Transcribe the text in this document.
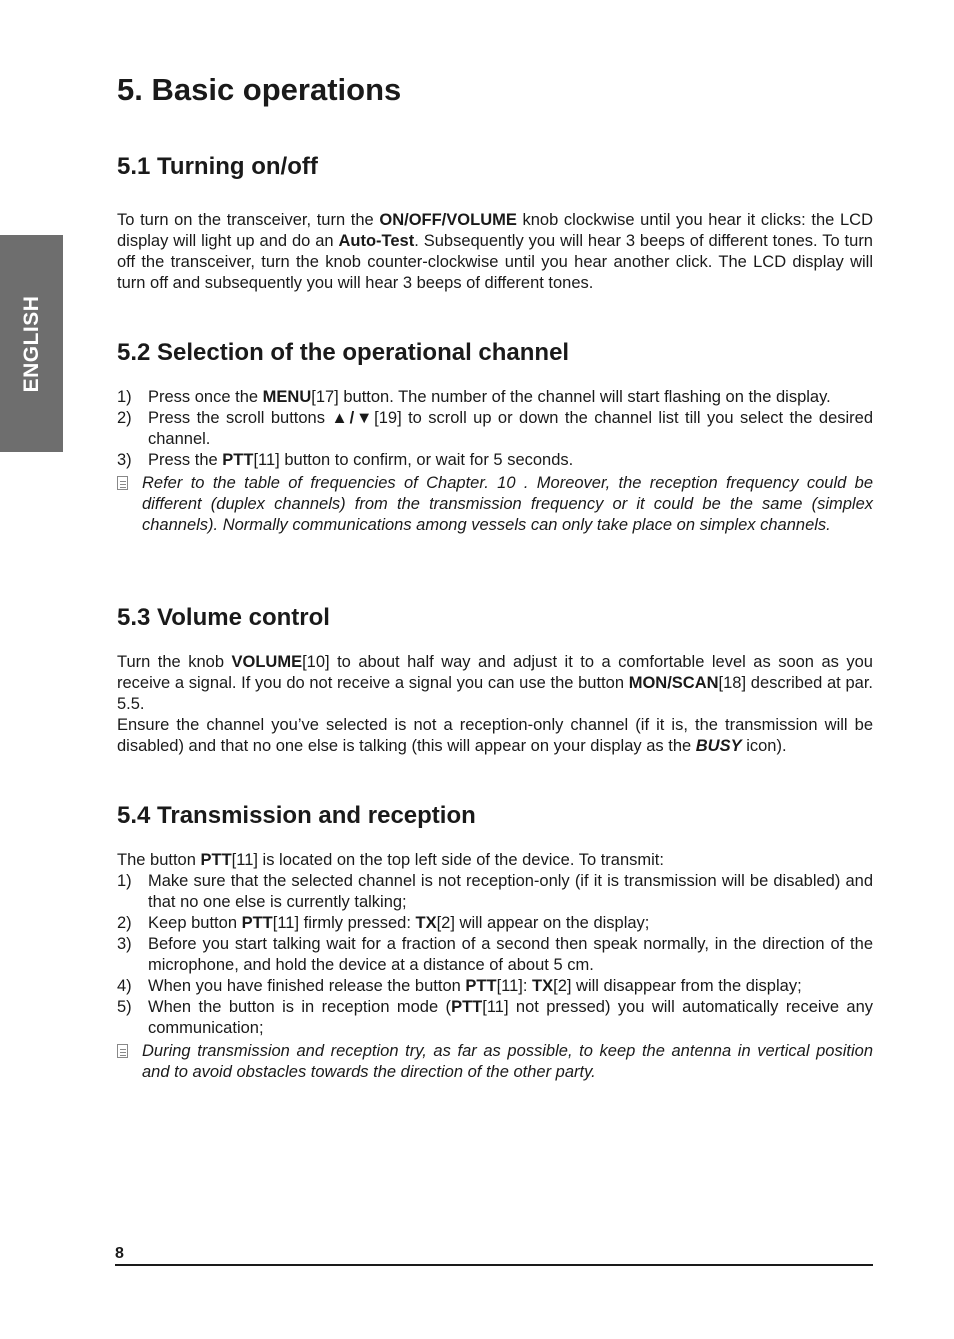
ENGLISH
5. Basic operations
5.1 Turning on/off

To turn on the transceiver, turn the ON/OFF/VOLUME knob clockwise until you hear it clicks: the LCD display will light up and do an Auto-Test. Subsequently you will hear 3 beeps of different tones. To turn off the transceiver, turn the knob counter-clockwise until you hear another click. The LCD display will turn off and subsequently you will hear 3 beeps of different tones.

5.2 Selection of the operational channel
1) Press once the MENU[17] button. The number of the channel will start flashing on the display.
2) Press the scroll buttons ▲/▼[19] to scroll up or down the channel list till you select the desired channel.
3) Press the PTT[11] button to confirm, or wait for 5 seconds.
Refer to the table of frequencies of Chapter. 10 . Moreover, the reception frequency could be different (duplex channels) from the transmission frequency or it could be the same (simplex channels). Normally communications among vessels can only take place on simplex channels.
5.3 Volume control

Turn the knob VOLUME[10] to about half way and adjust it to a comfortable level as soon as you receive a signal. If you do not receive a signal you can use the button MON/SCAN[18] described at par. 5.5.

Ensure the channel you’ve selected is not a reception-only channel (if it is, the transmission will be disabled) and that no one else is talking (this will appear on your display as the BUSY icon).

5.4 Transmission and reception

The button PTT[11] is located on the top left side of the device. To transmit:

1) Make sure that the selected channel is not reception-only (if it is transmission will be disabled) and that no one else is currently talking;
2) Keep button PTT[11] firmly pressed: TX[2] will appear on the display;
3) Before you start talking wait for a fraction of a second then speak normally, in the direction of the microphone, and hold the device at a distance of about 5 cm.
4) When you have finished release the button PTT[11]: TX[2] will disappear from the display;
5) When the button is in reception mode (PTT[11] not pressed) you will automatically receive any communication;
During transmission and reception try, as far as possible, to keep the antenna in vertical position and to avoid obstacles towards the direction of the other party.
8
